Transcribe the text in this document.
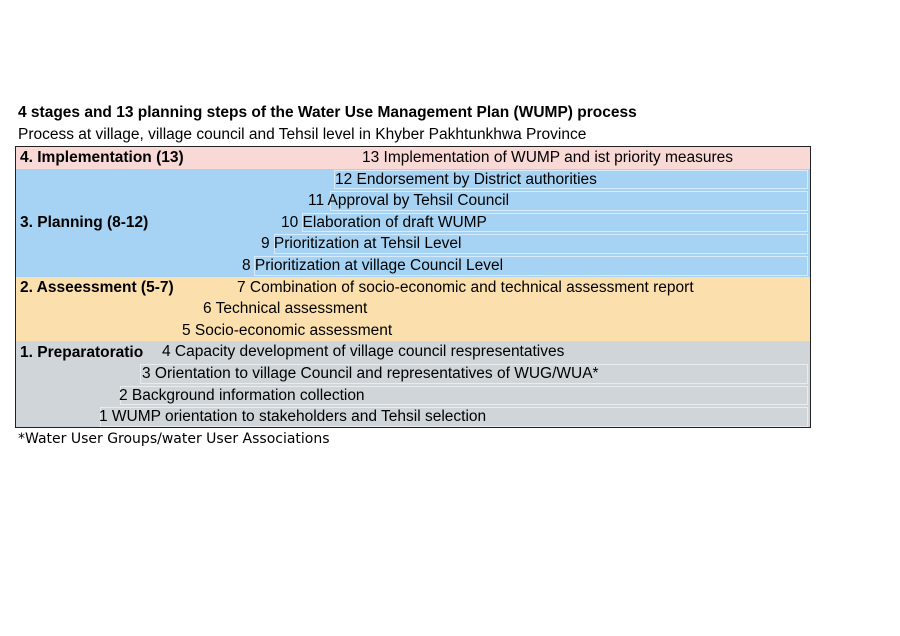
4 stages and 13 planning steps of the Water Use Management Plan (WUMP) process
Process at village, village council and Tehsil level in Khyber Pakhtunkhwa Province
13 Implementation of WUMP and ist priority measures
12 Endorsement by District authorities
11 Approval by Tehsil Council
10 Elaboration of draft WUMP
9 Prioritization at Tehsil Level
8 Prioritization at village Council Level
7 Combination of socio-economic and technical assessment report
6 Technical assessment
5 Socio-economic assessment
4 Capacity development of village council respresentatives
3 Orientation to village Council and representatives of WUG/WUA*
2 Background information collection
1 WUMP orientation to stakeholders and Tehsil selection
4. Implementation (13)
3. Planning (8-12)
2. Asseessment (5-7)
1. Preparatoratio
*Water User Groups/water User Associations
